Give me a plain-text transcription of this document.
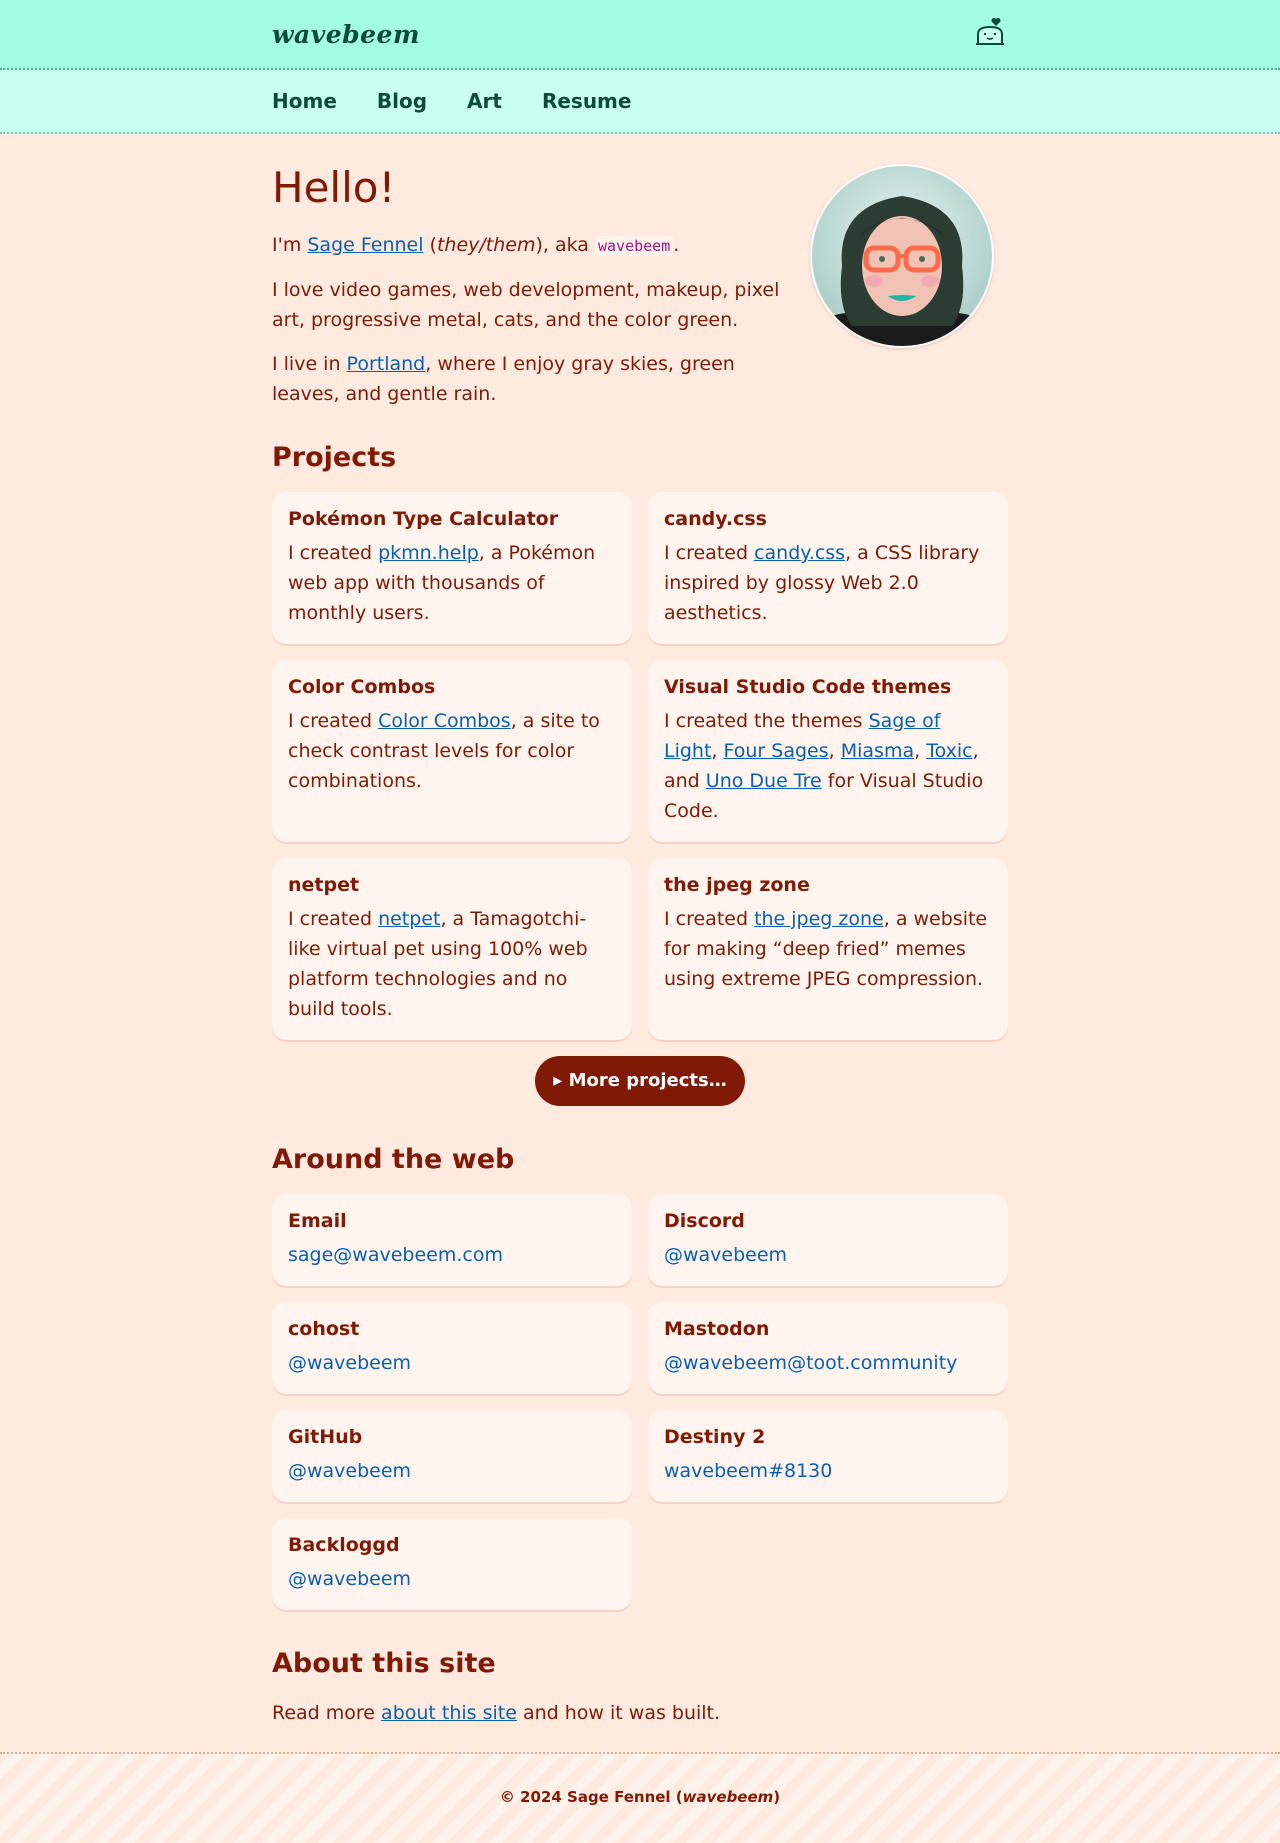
wavebeem
Home Blog Art Resume
Hello!

I'm Sage Fennel (they/them), aka wavebeem .

I love video games, web development, makeup, pixel art, progressive metal, cats, and the color green.

I live in Portland, where I enjoy gray skies, green leaves, and gentle rain.

Projects
Pokémon Type Calculator

I created pkmn.help, a Pokémon web app with thousands of monthly users.

candy.css

I created candy.css, a CSS library inspired by glossy Web 2.0 aesthetics.

Color Combos

I created Color Combos, a site to check contrast levels for color combinations.

Visual Studio Code themes

I created the themes Sage of Light, Four Sages, Miasma, Toxic, and Uno Due Tre for Visual Studio Code.

netpet

I created netpet, a Tamagotchi-like virtual pet using 100% web platform technologies and no build tools.

the jpeg zone

I created the jpeg zone, a website for making “deep fried” memes using extreme JPEG compression.

▸ More projects…
Around the web
Email

sage@wavebeem.com

Discord

@wavebeem

cohost

@wavebeem

Mastodon

@wavebeem@toot.community

GitHub

@wavebeem

Destiny 2

wavebeem#8130

Backloggd

@wavebeem

About this site

Read more about this site and how it was built.

© 2024 Sage Fennel (wavebeem)
